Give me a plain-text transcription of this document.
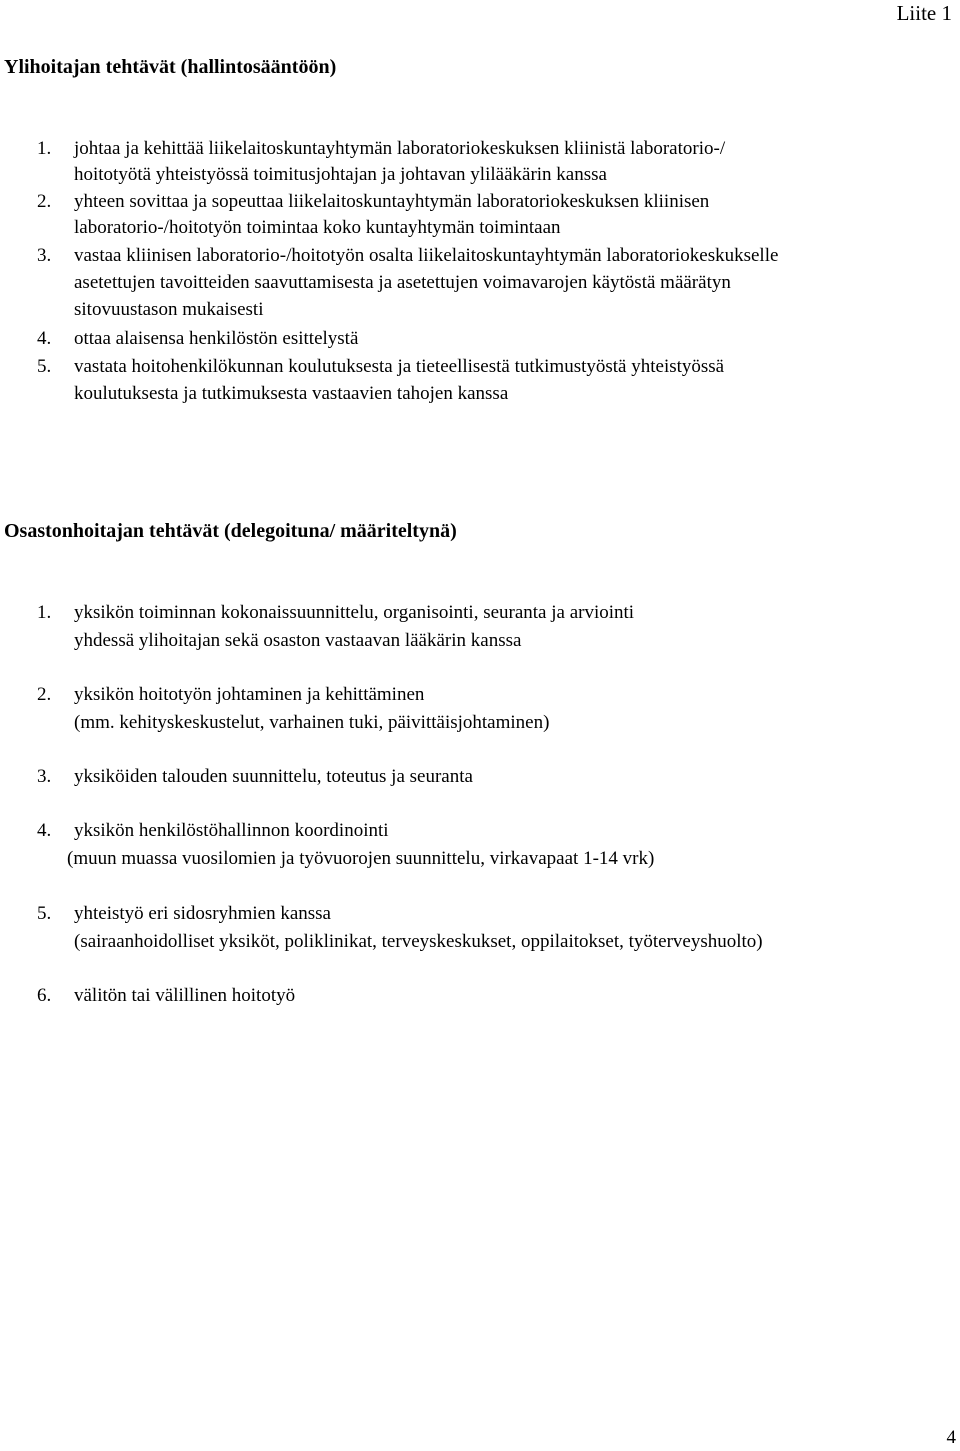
Liite 1
Ylihoitajan tehtävät (hallintosääntöön)
1. johtaa ja kehittää liikelaitoskuntayhtymän laboratoriokeskuksen kliinistä laboratorio-/
hoitotyötä yhteistyössä toimitusjohtajan ja johtavan ylilääkärin kanssa
2. yhteen sovittaa ja sopeuttaa liikelaitoskuntayhtymän laboratoriokeskuksen kliinisen
laboratorio-/hoitotyön toimintaa koko kuntayhtymän toimintaan
3. vastaa kliinisen laboratorio-/hoitotyön osalta liikelaitoskuntayhtymän laboratoriokeskukselle
asetettujen tavoitteiden saavuttamisesta ja asetettujen voimavarojen käytöstä määrätyn
sitovuustason mukaisesti
4. ottaa alaisensa henkilöstön esittelystä
5. vastata hoitohenkilökunnan koulutuksesta ja tieteellisestä tutkimustyöstä yhteistyössä
koulutuksesta ja tutkimuksesta vastaavien tahojen kanssa
Osastonhoitajan tehtävät (delegoituna/ määriteltynä)
1. yksikön toiminnan kokonaissuunnittelu, organisointi, seuranta ja arviointi
yhdessä ylihoitajan sekä osaston vastaavan lääkärin kanssa
2. yksikön hoitotyön johtaminen ja kehittäminen
(mm. kehityskeskustelut, varhainen tuki, päivittäisjohtaminen)
3. yksiköiden talouden suunnittelu, toteutus ja seuranta
4. yksikön henkilöstöhallinnon koordinointi
(muun muassa vuosilomien ja työvuorojen suunnittelu, virkavapaat 1-14 vrk)
5. yhteistyö eri sidosryhmien kanssa
(sairaanhoidolliset yksiköt, poliklinikat, terveyskeskukset, oppilaitokset, työterveyshuolto)
6. välitön tai välillinen hoitotyö
4
